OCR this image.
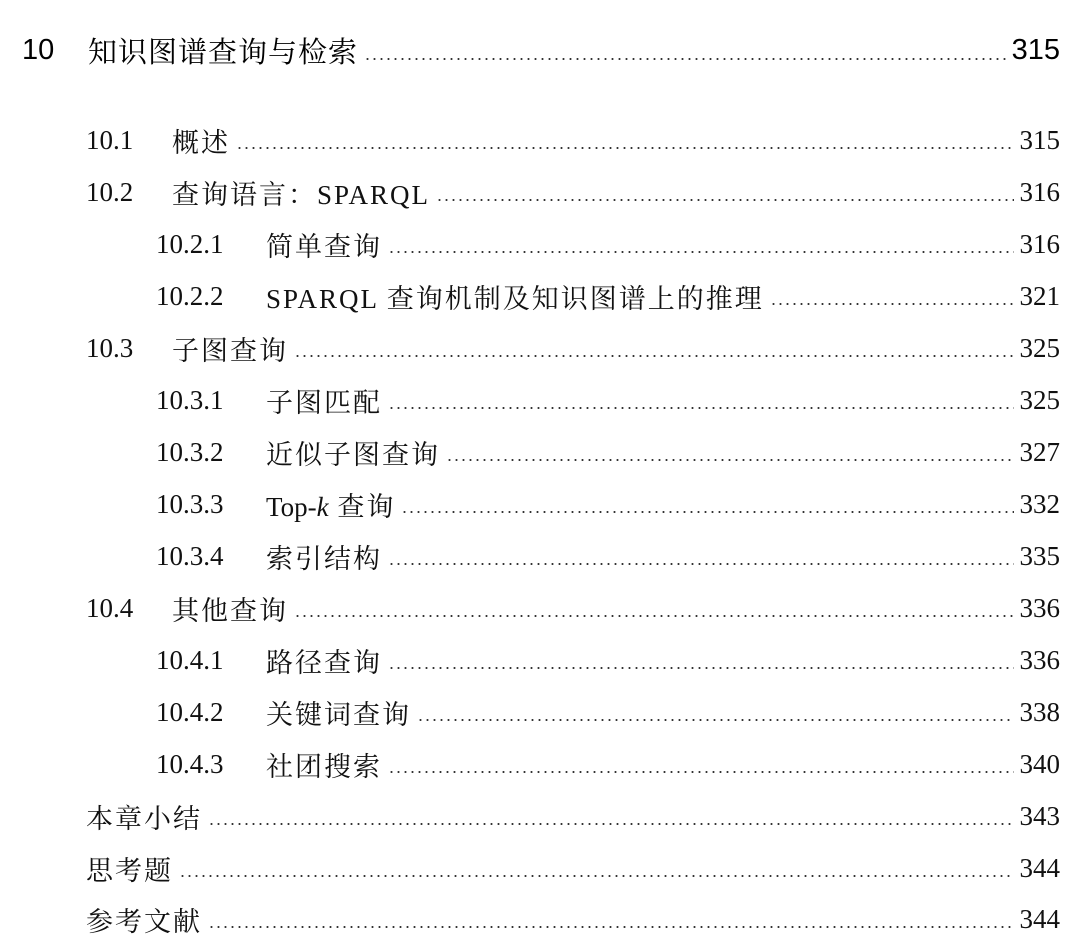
10	知识图谱查询与检索	315
10.1	概述	315
10.2	查询语言：SPARQL	316
10.2.1	简单查询	316
10.2.2	SPARQL 查询机制及知识图谱上的推理	321
10.3	子图查询	325
10.3.1	子图匹配	325
10.3.2	近似子图查询	327
10.3.3	Top-k 查询	332
10.3.4	索引结构	335
10.4	其他查询	336
10.4.1	路径查询	336
10.4.2	关键词查询	338
10.4.3	社团搜索	340
本章小结	343
思考题	344
参考文献	344
